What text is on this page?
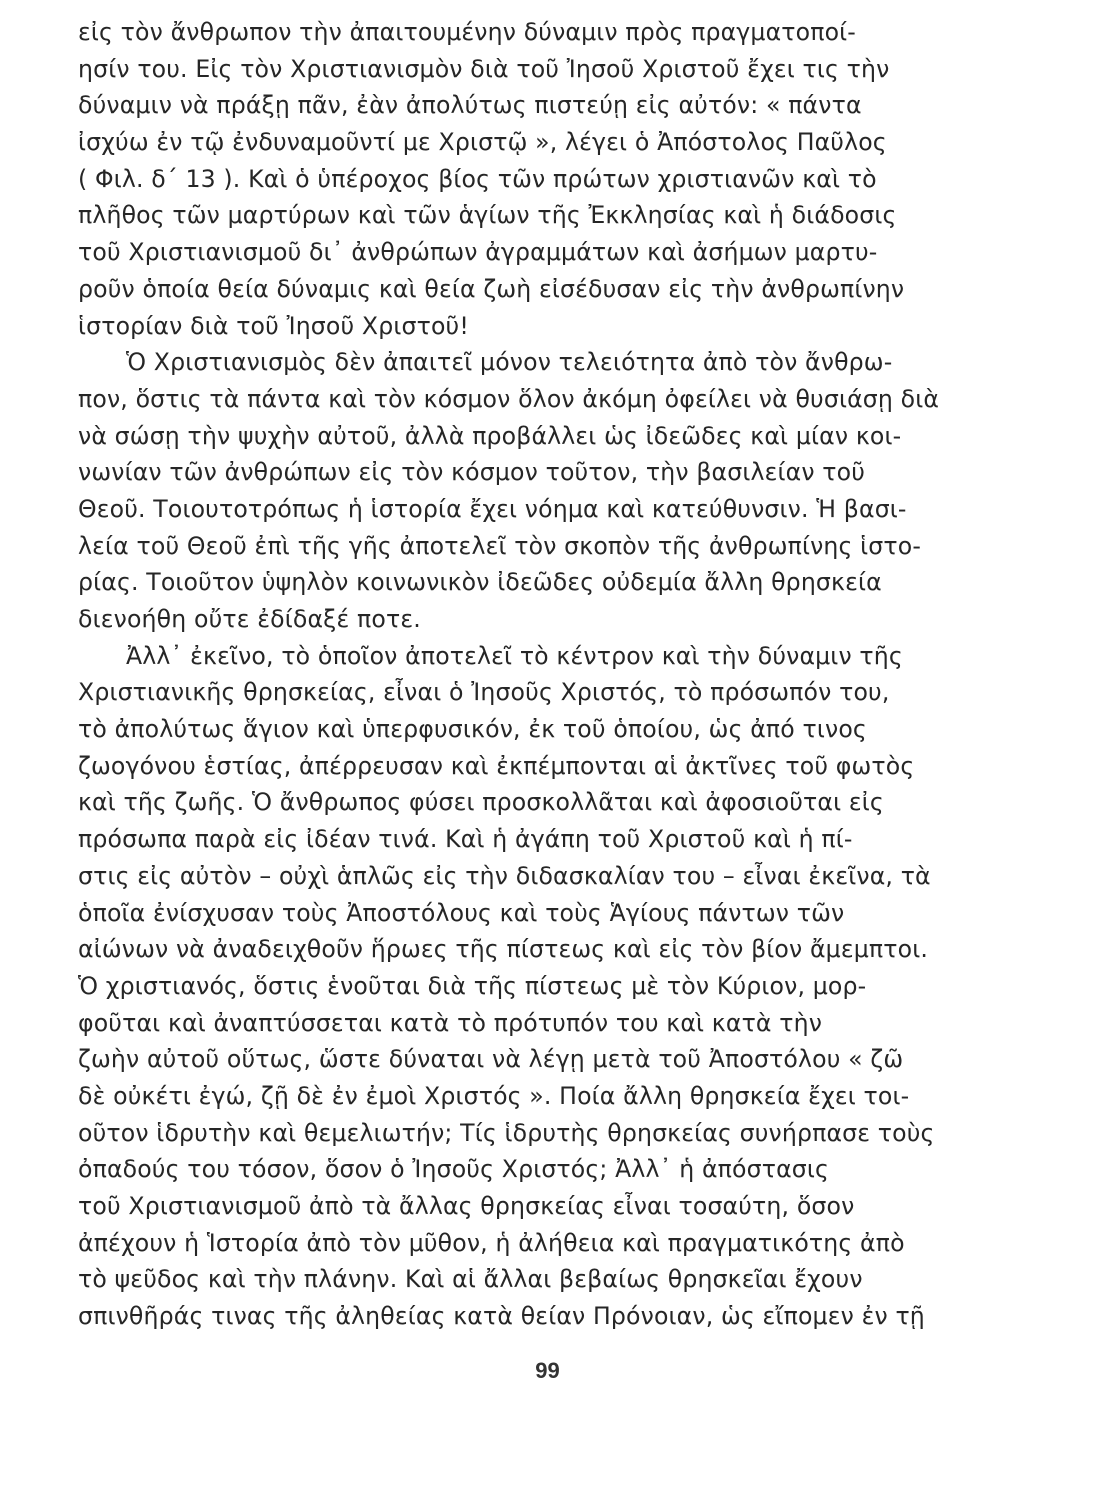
εἰς τὸν ἄνθρωπον τὴν ἀπαιτουμένην δύναμιν πρὸς πραγματοποί-
ησίν του. Εἰς τὸν Χριστιανισμὸν διὰ τοῦ Ἰησοῦ Χριστοῦ ἔχει τις τὴν
δύναμιν νὰ πράξῃ πᾶν, ἐὰν ἀπολύτως πιστεύῃ εἰς αὐτόν: « πάντα
ἰσχύω ἐν τῷ ἐνδυναμοῦντί με Χριστῷ », λέγει ὁ Ἀπόστολος Παῦλος
( Φιλ. δ΄ 13 ). Καὶ ὁ ὑπέροχος βίος τῶν πρώτων χριστιανῶν καὶ τὸ
πλῆθος τῶν μαρτύρων καὶ τῶν ἁγίων τῆς Ἐκκλησίας καὶ ἡ διάδοσις
τοῦ Χριστιανισμοῦ δι᾽ ἀνθρώπων ἀγραμμάτων καὶ ἀσήμων μαρτυ-
ροῦν ὁποία θεία δύναμις καὶ θεία ζωὴ εἰσέδυσαν εἰς τὴν ἀνθρωπίνην
ἱστορίαν διὰ τοῦ Ἰησοῦ Χριστοῦ!
Ὁ Χριστιανισμὸς δὲν ἀπαιτεῖ μόνον τελειότητα ἀπὸ τὸν ἄνθρω-
πον, ὅστις τὰ πάντα καὶ τὸν κόσμον ὅλον ἀκόμη ὀφείλει νὰ θυσιάσῃ διὰ
νὰ σώσῃ τὴν ψυχὴν αὐτοῦ, ἀλλὰ προβάλλει ὡς ἰδεῶδες καὶ μίαν κοι-
νωνίαν τῶν ἀνθρώπων εἰς τὸν κόσμον τοῦτον, τὴν βασιλείαν τοῦ
Θεοῦ. Τοιουτοτρόπως ἡ ἱστορία ἔχει νόημα καὶ κατεύθυνσιν. Ἡ βασι-
λεία τοῦ Θεοῦ ἐπὶ τῆς γῆς ἀποτελεῖ τὸν σκοπὸν τῆς ἀνθρωπίνης ἱστο-
ρίας. Τοιοῦτον ὑψηλὸν κοινωνικὸν ἰδεῶδες οὐδεμία ἄλλη θρησκεία
διενοήθη οὔτε ἐδίδαξέ ποτε.
Ἀλλ᾽ ἐκεῖνο, τὸ ὁποῖον ἀποτελεῖ τὸ κέντρον καὶ τὴν δύναμιν τῆς
Χριστιανικῆς θρησκείας, εἶναι ὁ Ἰησοῦς Χριστός, τὸ πρόσωπόν του,
τὸ ἀπολύτως ἅγιον καὶ ὑπερφυσικόν, ἐκ τοῦ ὁποίου, ὡς ἀπό τινος
ζωογόνου ἑστίας, ἀπέρρευσαν καὶ ἐκπέμπονται αἱ ἀκτῖνες τοῦ φωτὸς
καὶ τῆς ζωῆς. Ὁ ἄνθρωπος φύσει προσκολλᾶται καὶ ἀφοσιοῦται εἰς
πρόσωπα παρὰ εἰς ἰδέαν τινά. Καὶ ἡ ἀγάπη τοῦ Χριστοῦ καὶ ἡ πί-
στις εἰς αὐτὸν – οὐχὶ ἁπλῶς εἰς τὴν διδασκαλίαν του – εἶναι ἐκεῖνα, τὰ
ὁποῖα ἐνίσχυσαν τοὺς Ἀποστόλους καὶ τοὺς Ἁγίους πάντων τῶν
αἰώνων νὰ ἀναδειχθοῦν ἥρωες τῆς πίστεως καὶ εἰς τὸν βίον ἄμεμπτοι.
Ὁ χριστιανός, ὅστις ἑνοῦται διὰ τῆς πίστεως μὲ τὸν Κύριον, μορ-
φοῦται καὶ ἀναπτύσσεται κατὰ τὸ πρότυπόν του καὶ κατὰ τὴν
ζωὴν αὐτοῦ οὕτως, ὥστε δύναται νὰ λέγῃ μετὰ τοῦ Ἀποστόλου « ζῶ
δὲ οὐκέτι ἐγώ, ζῇ δὲ ἐν ἐμοὶ Χριστός ». Ποία ἄλλη θρησκεία ἔχει τοι-
οῦτον ἱδρυτὴν καὶ θεμελιωτήν; Τίς ἱδρυτὴς θρησκείας συνήρπασε τοὺς
ὀπαδούς του τόσον, ὅσον ὁ Ἰησοῦς Χριστός; Ἀλλ᾽ ἡ ἀπόστασις
τοῦ Χριστιανισμοῦ ἀπὸ τὰ ἄλλας θρησκείας εἶναι τοσαύτη, ὅσον
ἀπέχουν ἡ Ἱστορία ἀπὸ τὸν μῦθον, ἡ ἀλήθεια καὶ πραγματικότης ἀπὸ
τὸ ψεῦδος καὶ τὴν πλάνην. Καὶ αἱ ἄλλαι βεβαίως θρησκεῖαι ἔχουν
σπινθῆράς τινας τῆς ἀληθείας κατὰ θείαν Πρόνοιαν, ὡς εἴπομεν ἐν τῇ
99
